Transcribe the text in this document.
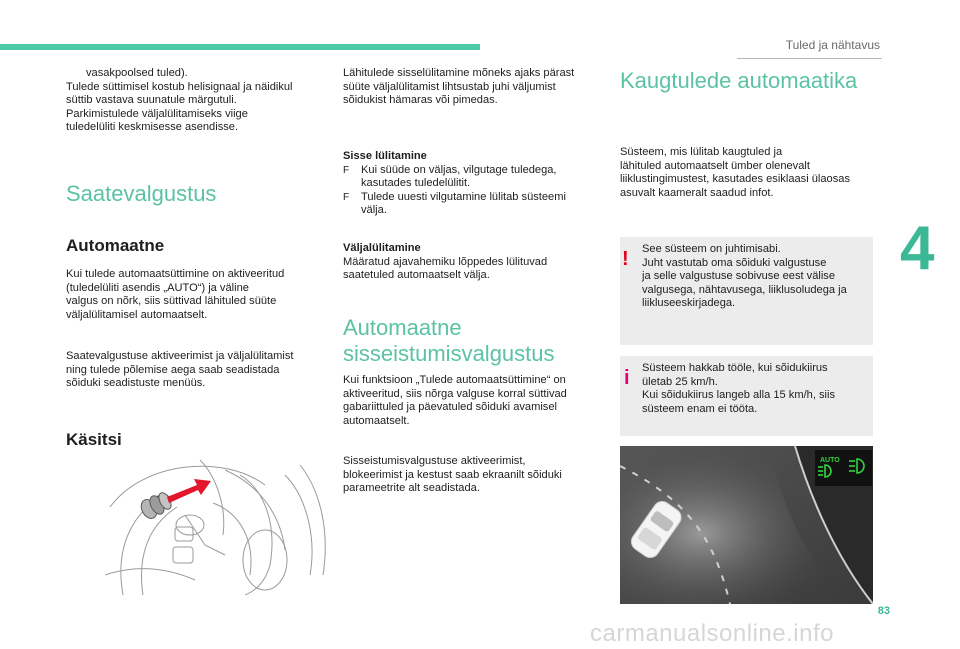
Tuled ja nähtavus
4
vasakpoolsed tuled).
Tulede süttimisel kostub helisignaal ja näidikul
süttib vastava suunatule märgutuli.
Parkimistulede väljalülitamiseks viige
tuledelüliti keskmisesse asendisse.
Saatevalgustus
Automaatne
Kui tulede automaatsüttimine on aktiveeritud
(tuledelüliti asendis „AUTO“) ja väline
valgus on nõrk, siis süttivad lähituled süüte
väljalülitamisel automaatselt.
Saatevalgustuse aktiveerimist ja väljalülitamist
ning tulede põlemise aega saab seadistada
sõiduki seadistuste menüüs.
Käsitsi
Lähitulede sisselülitamine mõneks ajaks pärast
süüte väljalülitamist lihtsustab juhi väljumist
sõidukist hämaras või pimedas.
Sisse lülitamine
F Kui süüde on väljas, vilgutage tuledega,
kasutades tuledelülitit.
F Tulede uuesti vilgutamine lülitab süsteemi
välja.
Väljalülitamine
Määratud ajavahemiku lõppedes lülituvad
saatetuled automaatselt välja.
Automaatne
sisseistumisvalgustus
Kui funktsioon „Tulede automaatsüttimine“ on
aktiveeritud, siis nõrga valguse korral süttivad
gabariittuled ja päevatuled sõiduki avamisel
automaatselt.
Sisseistumisvalgustuse aktiveerimist,
blokeerimist ja kestust saab ekraanilt sõiduki
parameetrite alt seadistada.
Kaugtulede automaatika
Süsteem, mis lülitab kaugtuled ja
lähituled automaatselt ümber olenevalt
liiklustingimustest, kasutades esiklaasi ülaosas
asuvalt kaameralt saadud infot.
! See süsteem on juhtimisabi.
Juht vastutab oma sõiduki valgustuse
ja selle valgustuse sobivuse eest välise
valgusega, nähtavusega, liiklusoludega ja
liikluseeskirjadega.
i Süsteem hakkab tööle, kui sõidukiirus
ületab 25 km/h.
Kui sõidukiirus langeb alla 15 km/h, siis
süsteem enam ei tööta.
AUTO
83
carmanualsonline.info
